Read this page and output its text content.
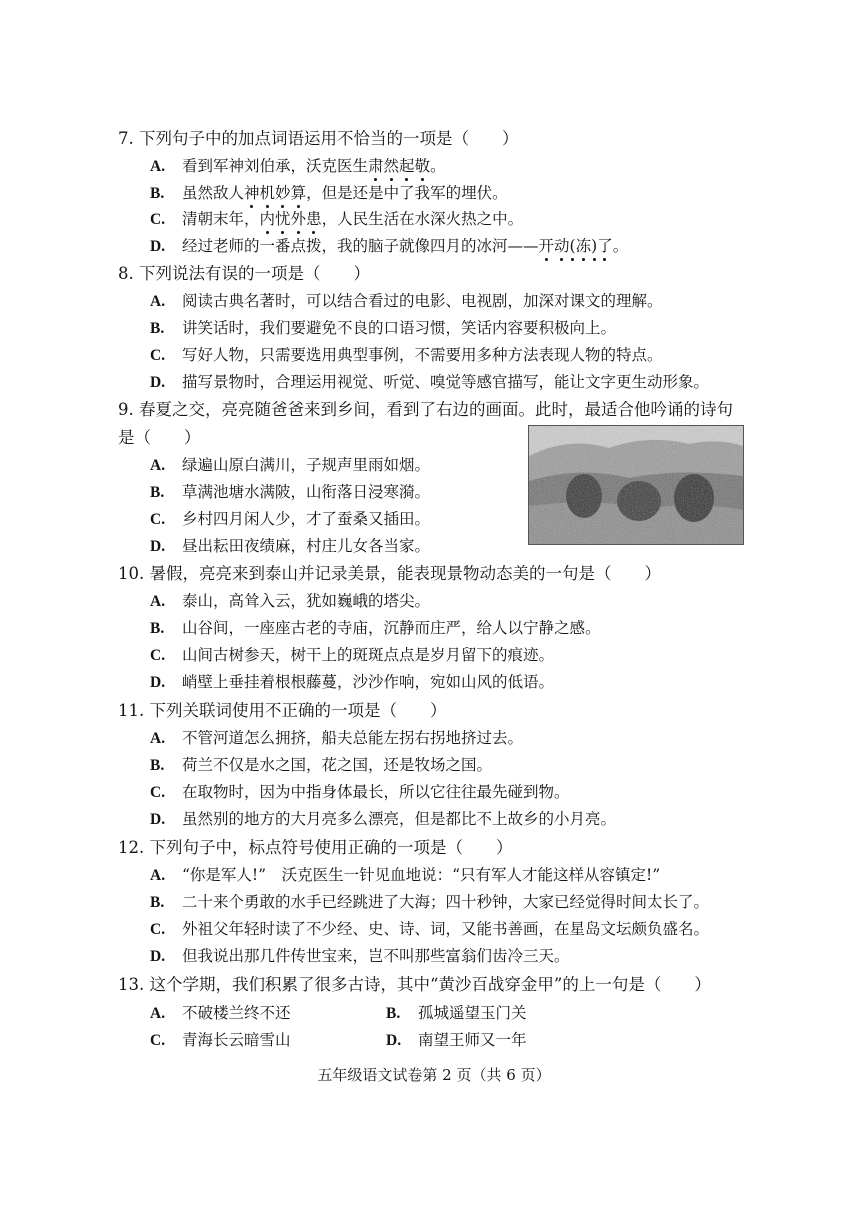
7. 下列句子中的加点词语运用不恰当的一项是（　　）
A. 看到军神刘伯承，沃克医生肃然起敬。
B. 虽然敌人神机妙算，但是还是中了我军的埋伏。
C. 清朝末年，内忧外患，人民生活在水深火热之中。
D. 经过老师的一番点拨，我的脑子就像四月的冰河——开动(冻)了。
8. 下列说法有误的一项是（　　）
A. 阅读古典名著时，可以结合看过的电影、电视剧，加深对课文的理解。
B. 讲笑话时，我们要避免不良的口语习惯，笑话内容要积极向上。
C. 写好人物，只需要选用典型事例，不需要用多种方法表现人物的特点。
D. 描写景物时，合理运用视觉、听觉、嗅觉等感官描写，能让文字更生动形象。
9. 春夏之交，亮亮随爸爸来到乡间，看到了右边的画面。此时，最适合他吟诵的诗句
是（　　）
A. 绿遍山原白满川，子规声里雨如烟。
B. 草满池塘水满陂，山衔落日浸寒漪。
C. 乡村四月闲人少，才了蚕桑又插田。
D. 昼出耘田夜绩麻，村庄儿女各当家。
10. 暑假，亮亮来到泰山并记录美景，能表现景物动态美的一句是（　　）
A. 泰山，高耸入云，犹如巍峨的塔尖。
B. 山谷间，一座座古老的寺庙，沉静而庄严，给人以宁静之感。
C. 山间古树参天，树干上的斑斑点点是岁月留下的痕迹。
D. 峭壁上垂挂着根根藤蔓，沙沙作响，宛如山风的低语。
11. 下列关联词使用不正确的一项是（　　）
A. 不管河道怎么拥挤，船夫总能左拐右拐地挤过去。
B. 荷兰不仅是水之国，花之国，还是牧场之国。
C. 在取物时，因为中指身体最长，所以它往往最先碰到物。
D. 虽然别的地方的大月亮多么漂亮，但是都比不上故乡的小月亮。
12. 下列句子中，标点符号使用正确的一项是（　　）
A. “你是军人!”　沃克医生一针见血地说：“只有军人才能这样从容镇定!”
B. 二十来个勇敢的水手已经跳进了大海；四十秒钟，大家已经觉得时间太长了。
C. 外祖父年轻时读了不少经、史、诗、词，又能书善画，在星岛文坛颇负盛名。
D. 但我说出那几件传世宝来，岂不叫那些富翁们齿冷三天。
13. 这个学期，我们积累了很多古诗，其中“黄沙百战穿金甲”的上一句是（　　）
A. 不破楼兰终不还	B. 孤城遥望玉门关
C. 青海长云暗雪山	D. 南望王师又一年
五年级语文试卷第 2 页（共 6 页）
